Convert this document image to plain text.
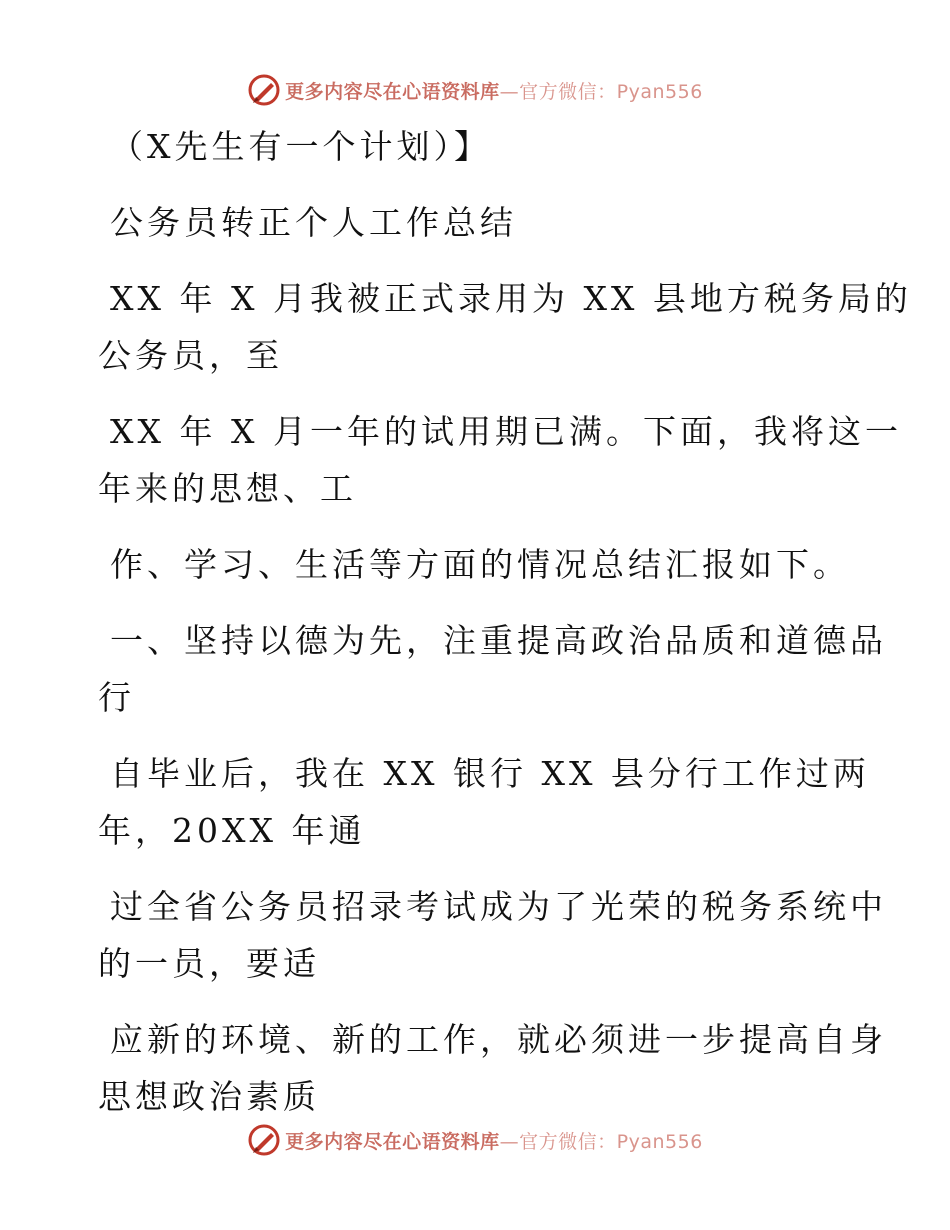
更多内容尽在心语资料库—官方微信：Pyan556
（X先生有一个计划）】
公务员转正个人工作总结
XX 年 X 月我被正式录用为 XX 县地方税务局的
公务员，至
XX 年 X 月一年的试用期已满。下面，我将这一
年来的思想、工
作、学习、生活等方面的情况总结汇报如下。
一、坚持以德为先，注重提高政治品质和道德品
行
自毕业后，我在 XX 银行 XX 县分行工作过两
年，20XX 年通
过全省公务员招录考试成为了光荣的税务系统中
的一员，要适
应新的环境、新的工作，就必须进一步提高自身
思想政治素质
更多内容尽在心语资料库—官方微信：Pyan556
